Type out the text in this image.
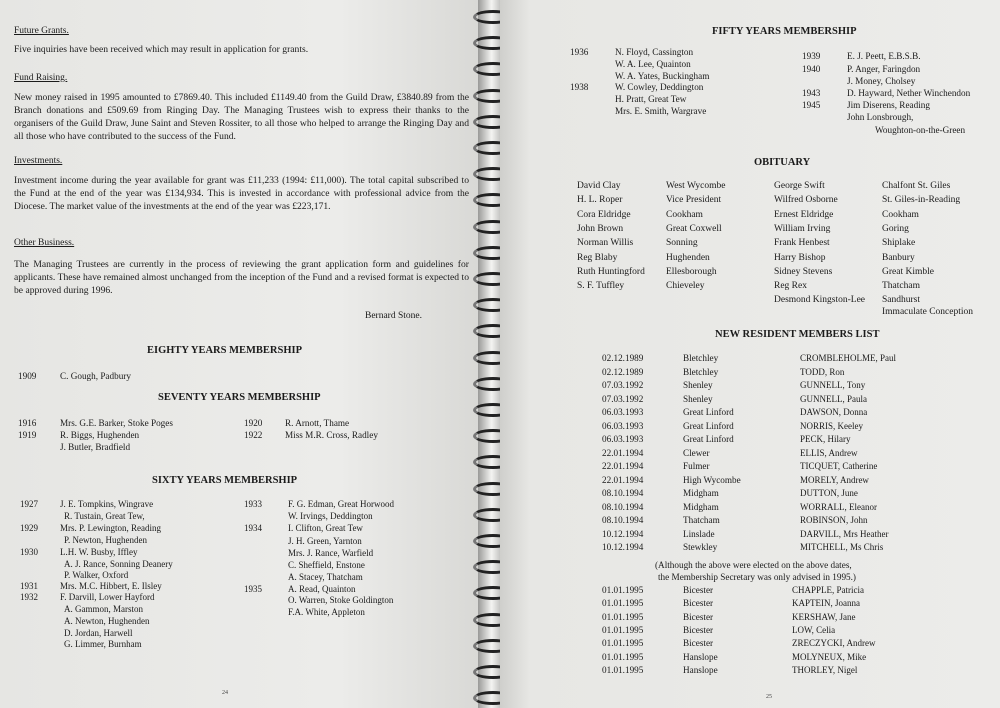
Future Grants.
Five inquiries have been received which may result in application for grants.
Fund Raising.
New money raised in 1995 amounted to £7869.40. This included £1149.40 from the Guild Draw, £3840.89 from the Branch donations and £509.69 from Ringing Day. The Managing Trustees wish to express their thanks to the organisers of the Guild Draw, June Saint and Steven Rossiter, to all those who helped to arrange the Ringing Day and all those who have contributed to the success of the Fund.
Investments.
Investment income during the year available for grant was £11,233 (1994: £11,000). The total capital subscribed to the Fund at the end of the year was £134,934. This is invested in accordance with professional advice from the Diocese. The market value of the investments at the end of the year was £223,171.
Other Business.
The Managing Trustees are currently in the process of reviewing the grant application form and guidelines for applicants. These have remained almost unchanged from the inception of the Fund and a revised format is expected to be approved during 1996.
Bernard Stone.
EIGHTY YEARS MEMBERSHIP
1909	C. Gough, Padbury
SEVENTY YEARS MEMBERSHIP
1916	Mrs. G.E. Barker, Stoke Poges
1919	R. Biggs, Hughenden
J. Butler, Bradfield
1920 R. Arnott, Thame
1922 Miss M.R. Cross, Radley
SIXTY YEARS MEMBERSHIP
1927 J. E. Tompkins, Wingrave
R. Tustain, Great Tew,
1929 Mrs. P. Lewington, Reading
P. Newton, Hughenden
1930 L.H. W. Busby, Iffley
A. J. Rance, Sonning Deanery
P. Walker, Oxford
1931 Mrs. M.C. Hibbert, E. Ilsley
1932 F. Darvill, Lower Hayford
A. Gammon, Marston
A. Newton, Hughenden
D. Jordan, Harwell
G. Limmer, Burnham
1933	F. G. Edman, Great Horwood
W. Irvings, Deddington
1934	I. Clifton, Great Tew
J. H. Green, Yarnton
Mrs. J. Rance, Warfield
C. Sheffield, Enstone
A. Stacey, Thatcham
1935	A. Read, Quainton
O. Warren, Stoke Goldington
F.A. White, Appleton
24
FIFTY YEARS MEMBERSHIP
1936	N. Floyd, Cassington
W. A. Lee, Quainton
W. A. Yates, Buckingham
1938	W. Cowley, Deddington
H. Pratt, Great Tew
Mrs. E. Smith, Wargrave
1939	E. J. Peett, E.B.S.B.
1940	P. Anger, Faringdon
J. Money, Cholsey
1943	D. Hayward, Nether Winchendon
1945	Jim Diserens, Reading
John Lonsbrough,
Woughton-on-the-Green
OBITUARY
David Clay	West Wycombe
H. L. Roper	Vice President
Cora Eldridge	Cookham
John Brown	Great Coxwell
Norman Willis	Sonning
Reg Blaby	Hughenden
Ruth Huntingford Ellesborough
S. F. Tuffley	Chieveley
George Swift	Chalfont St. Giles
Wilfred Osborne	St. Giles-in-Reading
Ernest Eldridge	Cookham
William Irving	Goring
Frank Henbest	Shiplake
Harry Bishop	Banbury
Sidney Stevens	Great Kimble
Reg Rex	Thatcham
Desmond Kingston-Lee Sandhurst
Immaculate Conception
NEW RESIDENT MEMBERS LIST
02.12.1989	Bletchley	CROMBLEHOLME, Paul
02.12.1989	Bletchley	TODD, Ron
07.03.1992	Shenley	GUNNELL, Tony
07.03.1992	Shenley	GUNNELL, Paula
06.03.1993	Great Linford	DAWSON, Donna
06.03.1993	Great Linford	NORRIS, Keeley
06.03.1993	Great Linford	PECK, Hilary
22.01.1994	Clewer	ELLIS, Andrew
22.01.1994	Fulmer	TICQUET, Catherine
22.01.1994	High Wycombe	MORELY, Andrew
08.10.1994	Midgham	DUTTON, June
08.10.1994	Midgham	WORRALL, Eleanor
08.10.1994	Thatcham	ROBINSON, John
10.12.1994	Linslade	DARVILL, Mrs Heather
10.12.1994	Stewkley	MITCHELL, Ms Chris
(Although the above were elected on the above dates,
the Membership Secretary was only advised in 1995.)
01.01.1995	Bicester	CHAPPLE, Patricia
01.01.1995	Bicester	KAPTEIN, Joanna
01.01.1995	Bicester	KERSHAW, Jane
01.01.1995	Bicester	LOW, Celia
01.01.1995	Bicester	ZRECZYCKI, Andrew
01.01.1995	Hanslope	MOLYNEUX, Mike
01.01.1995	Hanslope	THORLEY, Nigel
25
